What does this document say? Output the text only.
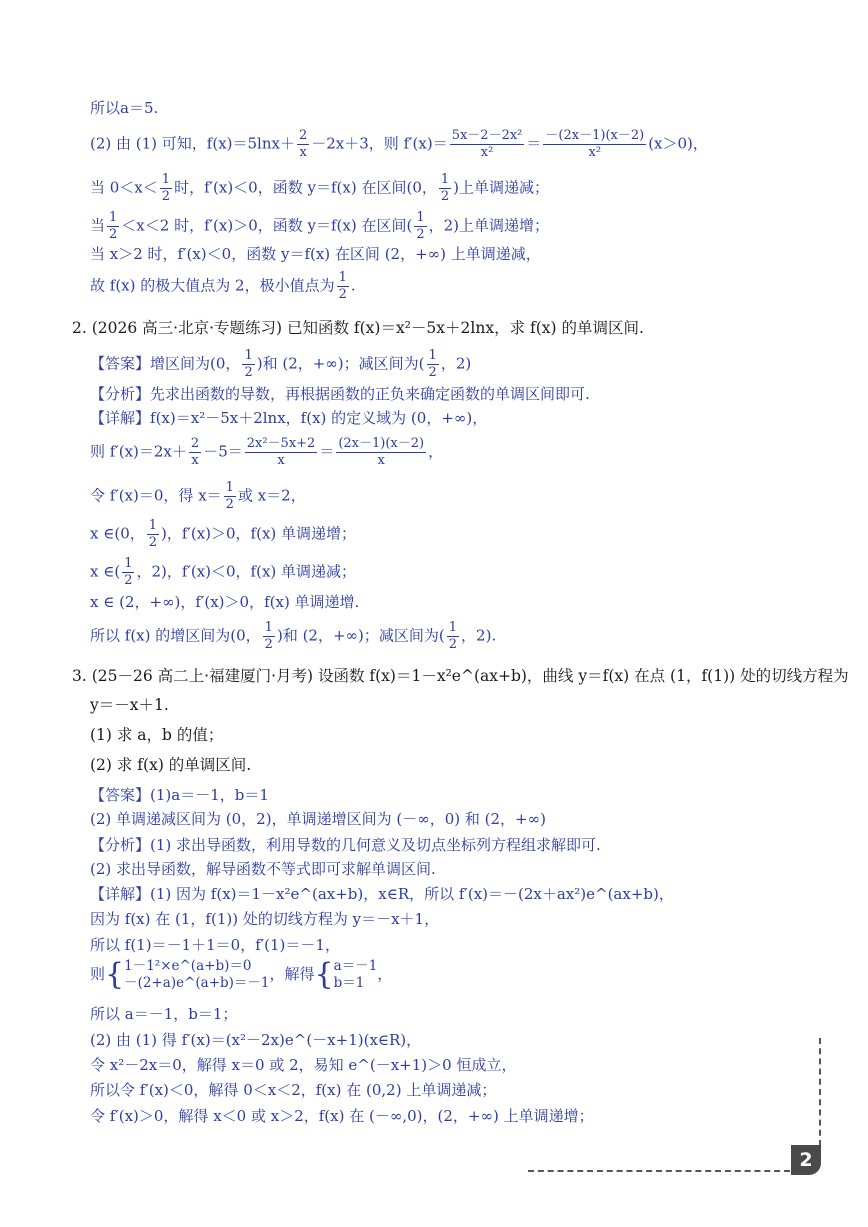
所以a＝5.
(2) 由 (1) 可知，$f(x)=5\ln x+ \frac{2}{x} -2x+3$，则 $f'(x)= \frac{\text{5x－2－2x²}}{\text{x²}} = \frac{-(2x-1)(x-2)}{\text{x²}} (x>0)$，
当 $0<x< \frac{1}{2}$ 时，f′(x)＜0，函数 y＝f(x) 在区间(0， $\frac{1}{2}$ )上单调递减；
当 $\frac{1}{2} <x<2$ 时，f′(x)＞0，函数 y＝f(x) 在区间( $\frac{1}{2}$ ，2)上单调递增；
当 x＞2 时，f′(x)＜0，函数 y＝f(x) 在区间 (2，+∞) 上单调递减，
故 f(x) 的极大值点为 2，极小值点为 $\frac{1}{2}$ .
2. (2026 高三·北京·专题练习) 已知函数 f(x)＝x²－5x＋2lnx，求 f(x) 的单调区间.
【答案】增区间为(0， $\frac{1}{2}$ )和 (2，+∞)；减区间为( $\frac{1}{2}$ ，2)
【分析】先求出函数的导数，再根据函数的正负来确定函数的单调区间即可.
【详解】f(x)＝x²－5x＋2lnx，f(x) 的定义域为 (0，+∞)，
则 $f'(x)=2x+ \frac{2}{x} -5= \frac{\text{2x²－5x+2}}{x} = \frac{(2x-1)(x-2)}{x}$ ，
令 f′(x)＝0，得 $x= \frac{1}{2}$ 或 x＝2，
x ∈(0， $\frac{1}{2}$ )，f′(x)＞0，f(x) 单调递增；
x ∈( $\frac{1}{2}$ ，2)，f′(x)＜0，f(x) 单调递减；
x ∈ (2，+∞)，f′(x)＞0，f(x) 单调递增.
所以 f(x) 的增区间为(0， $\frac{1}{2}$ )和 (2，+∞)；减区间为( $\frac{1}{2}$ ，2).
3. (25－26 高二上·福建厦门·月考) 设函数 f(x)＝1－x²e^(ax+b)，曲线 y＝f(x) 在点 (1，f(1)) 处的切线方程为
y＝－x＋1.
(1) 求 a，b 的值；
(2) 求 f(x) 的单调区间.
【答案】(1)a＝－1，b＝1
(2) 单调递减区间为 (0，2)，单调递增区间为 (－∞，0) 和 (2，+∞)
【分析】(1) 求出导函数，利用导数的几何意义及切点坐标列方程组求解即可.
(2) 求出导函数，解导函数不等式即可求解单调区间.
【详解】(1) 因为 f(x)＝1－x²e^(ax+b)，x∈R，所以 f′(x)＝－(2x＋ax²)e^(ax+b)，
因为 f(x) 在 (1，f(1)) 处的切线方程为 y＝－x＋1，
所以 f(1)＝－1＋1＝0，f′(1)＝－1，
则{ 1－1²×e^(a+b)＝0
－(2+a)e^(a+b)＝－1 ，解得{ a＝－1
b＝1 ，
所以 a＝－1，b＝1；
(2) 由 (1) 得 f′(x)＝(x²－2x)e^(－x+1)(x∈R)，
令 x²－2x＝0，解得 x＝0 或 2，易知 e^(－x+1)＞0 恒成立，
所以令 f′(x)＜0，解得 0＜x＜2，f(x) 在 (0,2) 上单调递减；
令 f′(x)＞0，解得 x＜0 或 x＞2，f(x) 在 (－∞,0)，(2，+∞) 上单调递增；
2
